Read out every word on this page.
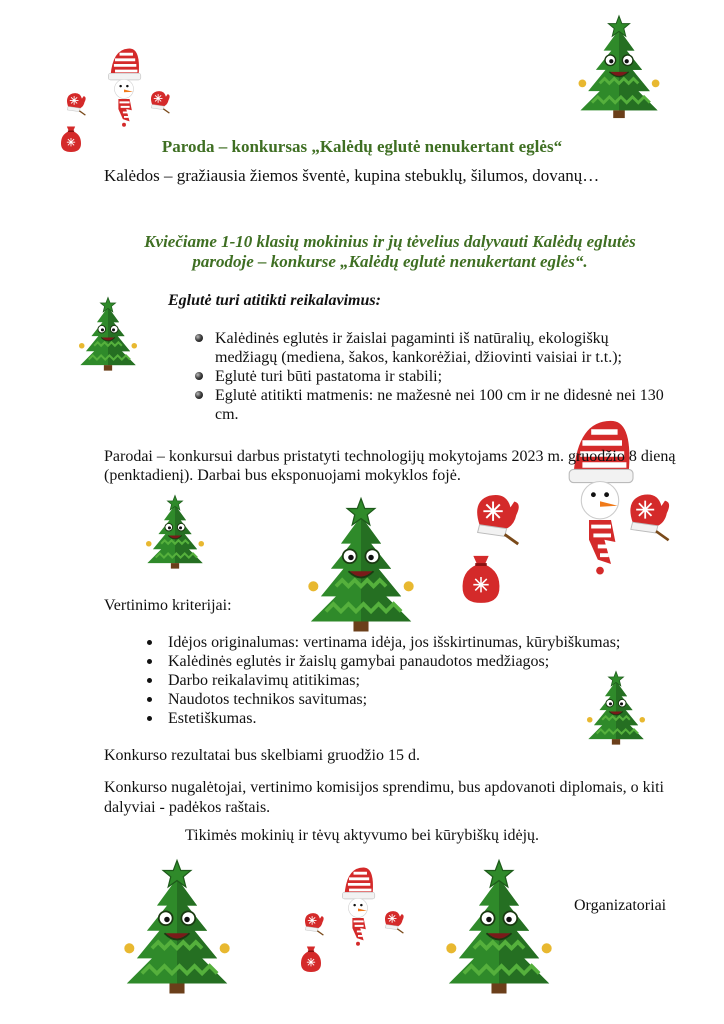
Paroda – konkursas „Kalėdų eglutė nenukertant eglės“
Kalėdos – gražiausia žiemos šventė, kupina stebuklų, šilumos, dovanų…
Kviečiame 1-10 klasių mokinius ir jų tėvelius dalyvauti Kalėdų eglutės
parodoje – konkurse „Kalėdų eglutė nenukertant eglės“.
Eglutė turi atitikti reikalavimus:
Kalėdinės eglutės ir žaislai pagaminti iš natūralių, ekologiškų medžiagų (mediena, šakos, kankorėžiai, džiovinti vaisiai ir t.t.);
Eglutė turi būti pastatoma ir stabili;
Eglutė atitikti matmenis: ne mažesnė nei 100 cm ir ne didesnė nei 130 cm.
Parodai – konkursui darbus pristatyti technologijų mokytojams 2023 m. gruodžio 8 dieną (penktadienį). Darbai bus eksponuojami mokyklos fojė.
Vertinimo kriterijai:
Idėjos originalumas: vertinama idėja, jos išskirtinumas, kūrybiškumas;
Kalėdinės eglutės ir žaislų gamybai panaudotos medžiagos;
Darbo reikalavimų atitikimas;
Naudotos technikos savitumas;
Estetiškumas.
Konkurso rezultatai bus skelbiami gruodžio 15 d.
Konkurso nugalėtojai, vertinimo komisijos sprendimu, bus apdovanoti diplomais, o kiti dalyviai - padėkos raštais.
Tikimės mokinių ir tėvų aktyvumo bei kūrybiškų idėjų.
Organizatoriai
